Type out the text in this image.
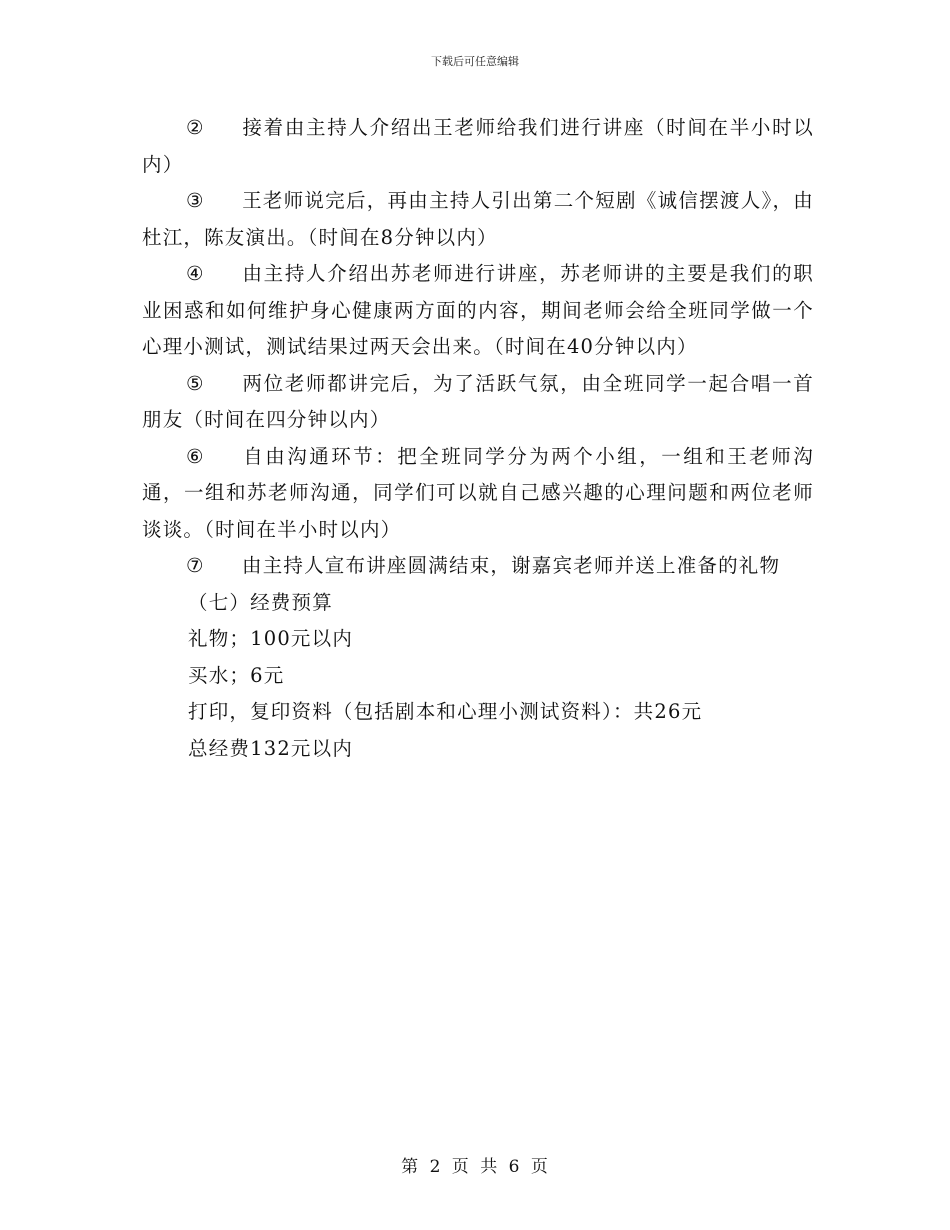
下载后可任意编辑

② 接着由主持人介绍出王老师给我们进行讲座（时间在半小时以内）

③ 王老师说完后，再由主持人引出第二个短剧《诚信摆渡人》，由杜江，陈友演出。（时间在8分钟以内）

④ 由主持人介绍出苏老师进行讲座，苏老师讲的主要是我们的职业困惑和如何维护身心健康两方面的内容，期间老师会给全班同学做一个心理小测试，测试结果过两天会出来。（时间在40分钟以内）

⑤ 两位老师都讲完后，为了活跃气氛，由全班同学一起合唱一首朋友（时间在四分钟以内）

⑥ 自由沟通环节：把全班同学分为两个小组，一组和王老师沟通，一组和苏老师沟通，同学们可以就自己感兴趣的心理问题和两位老师谈谈。（时间在半小时以内）

⑦ 由主持人宣布讲座圆满结束，谢嘉宾老师并送上准备的礼物

（七）经费预算

礼物；100元以内

买水；6元

打印，复印资料（包括剧本和心理小测试资料）：共26元

总经费132元以内

第 2 页 共 6 页
